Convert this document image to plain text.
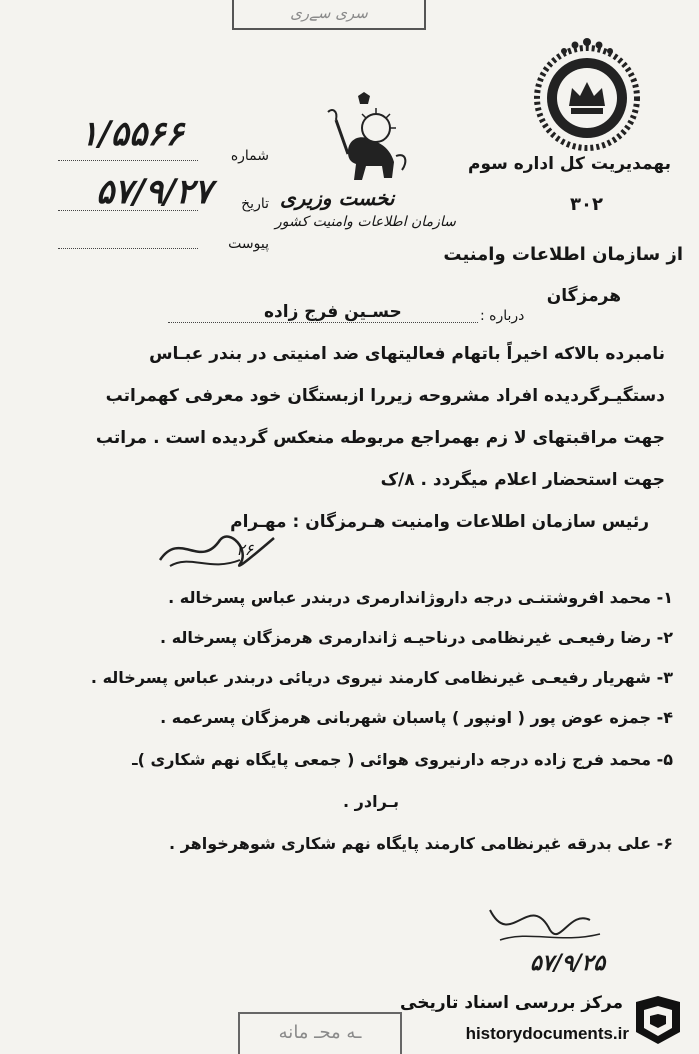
سری سے‌ری
نخست وزیری
سازمان اطلاعات وامنیت کشور
شماره
۱/۵۵۶۶
تاریخ
۵۷/۹/۲۷
پیوست
بهمدیریت کل اداره سوم
۳۰۲
از سازمان اطلاعات وامنیت
هرمزگان
درباره :
حسـین فرج زاده
نامبرده بالاکه اخیراً باتهام فعالیتهای ضد امنیتی در بندر عبـاس
دستگیـرگردیده افراد مشروحه زیررا ازبستگان خود معرفی کهمراتب
جهت مراقبتهای لا زم بهمراجع مربوطه منعکس گردیده است . مراتب
جهت استحضار اعلام میگردد . ۸/ک
رئیس سازمان اطلاعات وامنیت هـرمزگان : مهـرام
۲۶
۱- محمد افروشتنـی درجه داروژاندارمری دربندر عباس پسرخاله .
۲- رضا رفیعـی غیرنظامی درناحیـه ژاندارمری هرمزگان پسرخاله .
۳- شهریار رفیعـی غیرنظامی کارمند نیروی دریائی دربندر عباس پسرخاله .
۴- جمزه عوض پور ( اونپور ) پاسبان شهربانی هرمزگان پسرعمه .
۵- محمد فرج زاده درجه دارنیروی هوائی ( جمعی پایگاه نهم شکاری )ـ
بـرادر .
۶- علی بدرقه غیرنظامی کارمند پایگاه نهم شکاری شوهرخواهر .
۵۷/۹/۲۵
ـه محـ مانه
مرکز بررسی اسناد تاریخی
historydocuments.ir
